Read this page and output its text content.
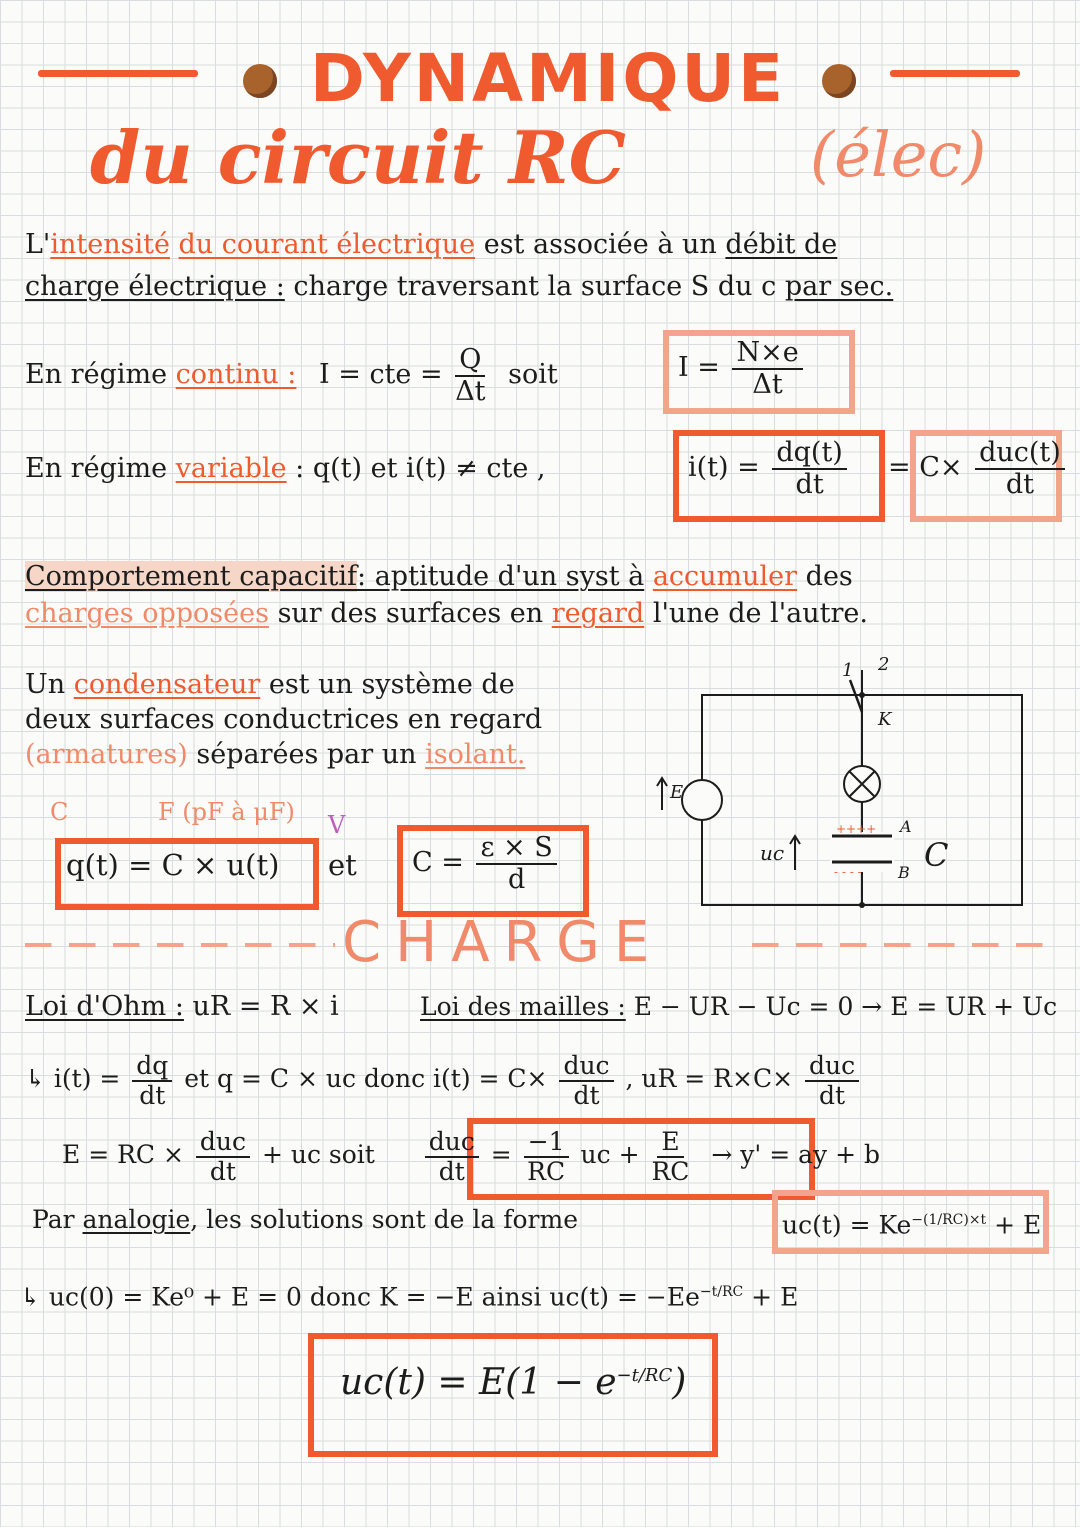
DYNAMIQUE
du circuit RC	(élec)
L'intensité du courant électrique est associée à un débit de
charge électrique : charge traversant la surface S du c par sec.
En régime continu : I = cte = $\frac{Q}{\Delta t}$ soit	$I = \frac{N\times e}{\Delta t}$
En régime variable : q(t) et i(t) ≠ cte ,	$i(t) = \frac{dq(t)}{dt} = C\times \frac{\text{duc(t)}}{dt}$
Comportement capacitif: aptitude d'un syst à accumuler des
charges opposées sur des surfaces en regard l'une de l'autre.
Un condensateur est un système de
deux surfaces conductrices en regard
(armatures) séparées par un isolant.
C	F (pF à μF) V
q(t) = C × u(t) et $C = \frac{\varepsilon \times S}{d}$
1 2
K
E
uc
A
B C
++++
- - - -
CHARGE
Loi d'Ohm : uR = R × i	Loi des mailles : E − UR − Uc = 0 → E = UR + Uc
↳ $i(t) = \frac{dq}{dt}$ et q = C × uc donc $i(t) = C\times \frac{\text{duc}}{dt}$ , uR = $R\times C\times \frac{\text{duc}}{dt}$
E = RC × $\frac{\text{duc}}{dt}$ + uc soit $\frac{\text{duc}}{dt} = \frac{-1}{RC}$ uc + $\frac{E}{RC} \to y'$ = ay + b
Par analogie, les solutions sont de la forme	$uc(t) = Ke^{-(1/RC)\times t} + E$
↳ uc(0) = Ke⁰ + E = 0 donc K = −E ainsi $uc(t) = -Ee^{-t/RC} + E$
$uc(t) = E(1 - e^{-t/RC})$
